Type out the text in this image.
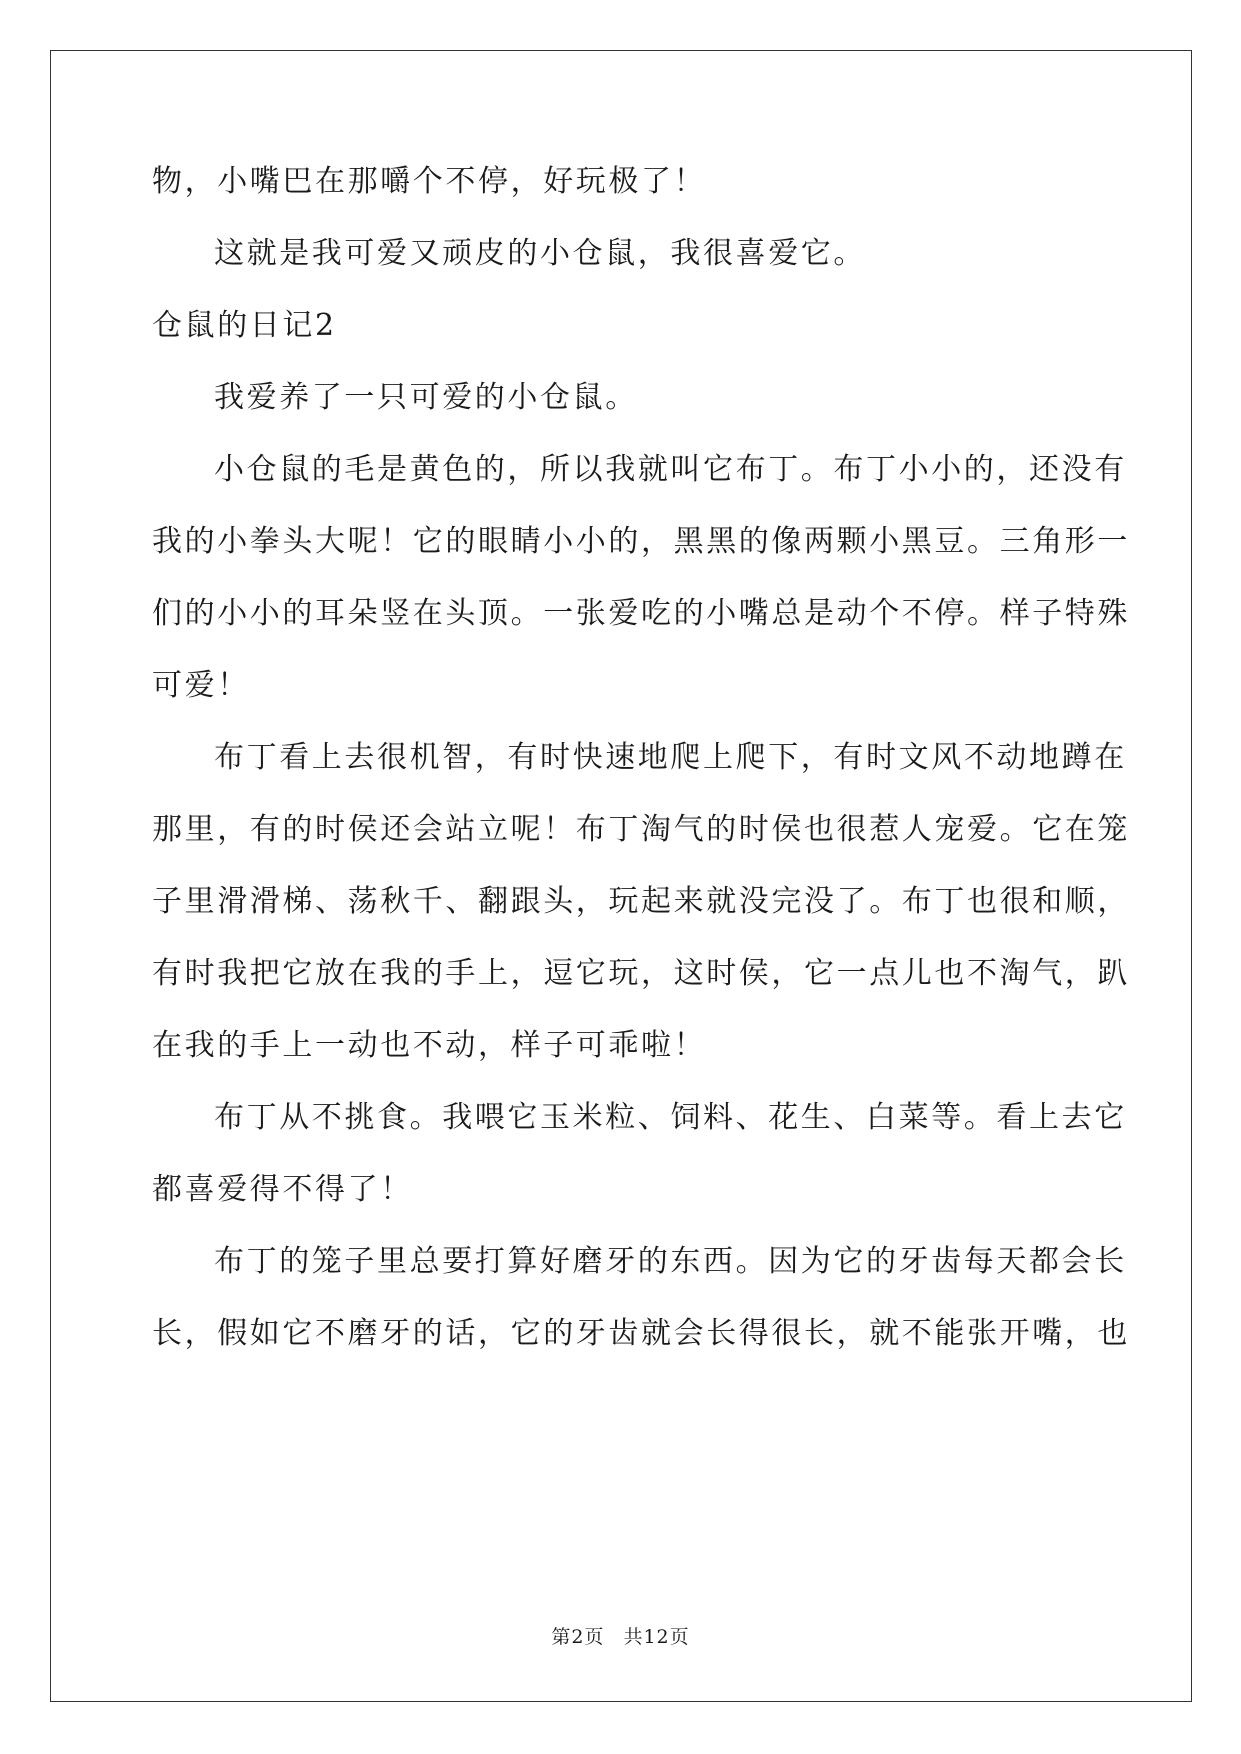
物，小嘴巴在那嚼个不停，好玩极了！
这就是我可爱又顽皮的小仓鼠，我很喜爱它。
仓鼠的日记2
我爱养了一只可爱的小仓鼠。
小仓鼠的毛是黄色的，所以我就叫它布丁。布丁小小的，还没有
我的小拳头大呢！它的眼睛小小的，黑黑的像两颗小黑豆。三角形一
们的小小的耳朵竖在头顶。一张爱吃的小嘴总是动个不停。样子特殊
可爱！
布丁看上去很机智，有时快速地爬上爬下，有时文风不动地蹲在
那里，有的时侯还会站立呢！布丁淘气的时侯也很惹人宠爱。它在笼
子里滑滑梯、荡秋千、翻跟头，玩起来就没完没了。布丁也很和顺，
有时我把它放在我的手上，逗它玩，这时侯，它一点儿也不淘气，趴
在我的手上一动也不动，样子可乖啦！
布丁从不挑食。我喂它玉米粒、饲料、花生、白菜等。看上去它
都喜爱得不得了！
布丁的笼子里总要打算好磨牙的东西。因为它的牙齿每天都会长
长，假如它不磨牙的话，它的牙齿就会长得很长，就不能张开嘴，也
第2页 共12页
